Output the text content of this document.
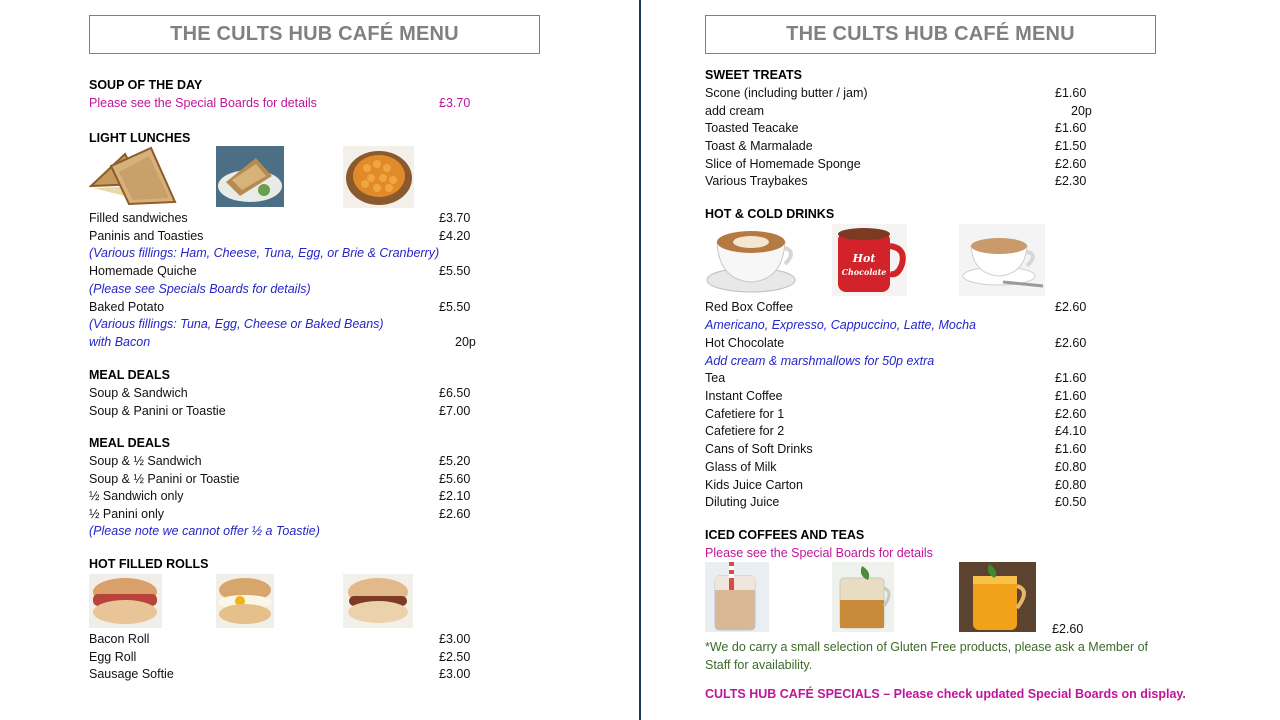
THE CULTS HUB CAFÉ MENU
SOUP OF THE DAY
Please see the Special Boards for details	£3.70
LIGHT LUNCHES
Filled sandwiches	£3.70
Paninis and Toasties	£4.20
(Various fillings: Ham, Cheese, Tuna, Egg, or Brie & Cranberry)
Homemade Quiche	£5.50
(Please see Specials Boards for details)
Baked Potato	£5.50
(Various fillings: Tuna, Egg, Cheese or Baked Beans)
with Bacon	20p
MEAL DEALS
Soup & Sandwich	£6.50
Soup & Panini or Toastie	£7.00
MEAL DEALS
Soup & ½ Sandwich	£5.20
Soup & ½ Panini or Toastie	£5.60
½ Sandwich only	£2.10
½ Panini only	£2.60
(Please note we cannot offer ½ a Toastie)
HOT FILLED ROLLS
Bacon Roll	£3.00
Egg Roll	£2.50
Sausage Softie	£3.00
THE CULTS HUB CAFÉ MENU
SWEET TREATS
Scone (including butter / jam)	£1.60
add cream	20p
Toasted Teacake	£1.60
Toast & Marmalade	£1.50
Slice of Homemade Sponge	£2.60
Various Traybakes	£2.30
HOT & COLD DRINKS
Hot
Chocolate
Red Box Coffee	£2.60
Americano, Expresso, Cappuccino, Latte, Mocha
Hot Chocolate	£2.60
Add cream & marshmallows for 50p extra
Tea	£1.60
Instant Coffee	£1.60
Cafetiere for 1	£2.60
Cafetiere for 2	£4.10
Cans of Soft Drinks	£1.60
Glass of Milk	£0.80
Kids Juice Carton	£0.80
Diluting Juice	£0.50
ICED COFFEES AND TEAS
Please see the Special Boards for details
£2.60
*We do carry a small selection of Gluten Free products, please ask a Member of Staff for availability.
CULTS HUB CAFÉ SPECIALS – Please check updated Special Boards on display.
